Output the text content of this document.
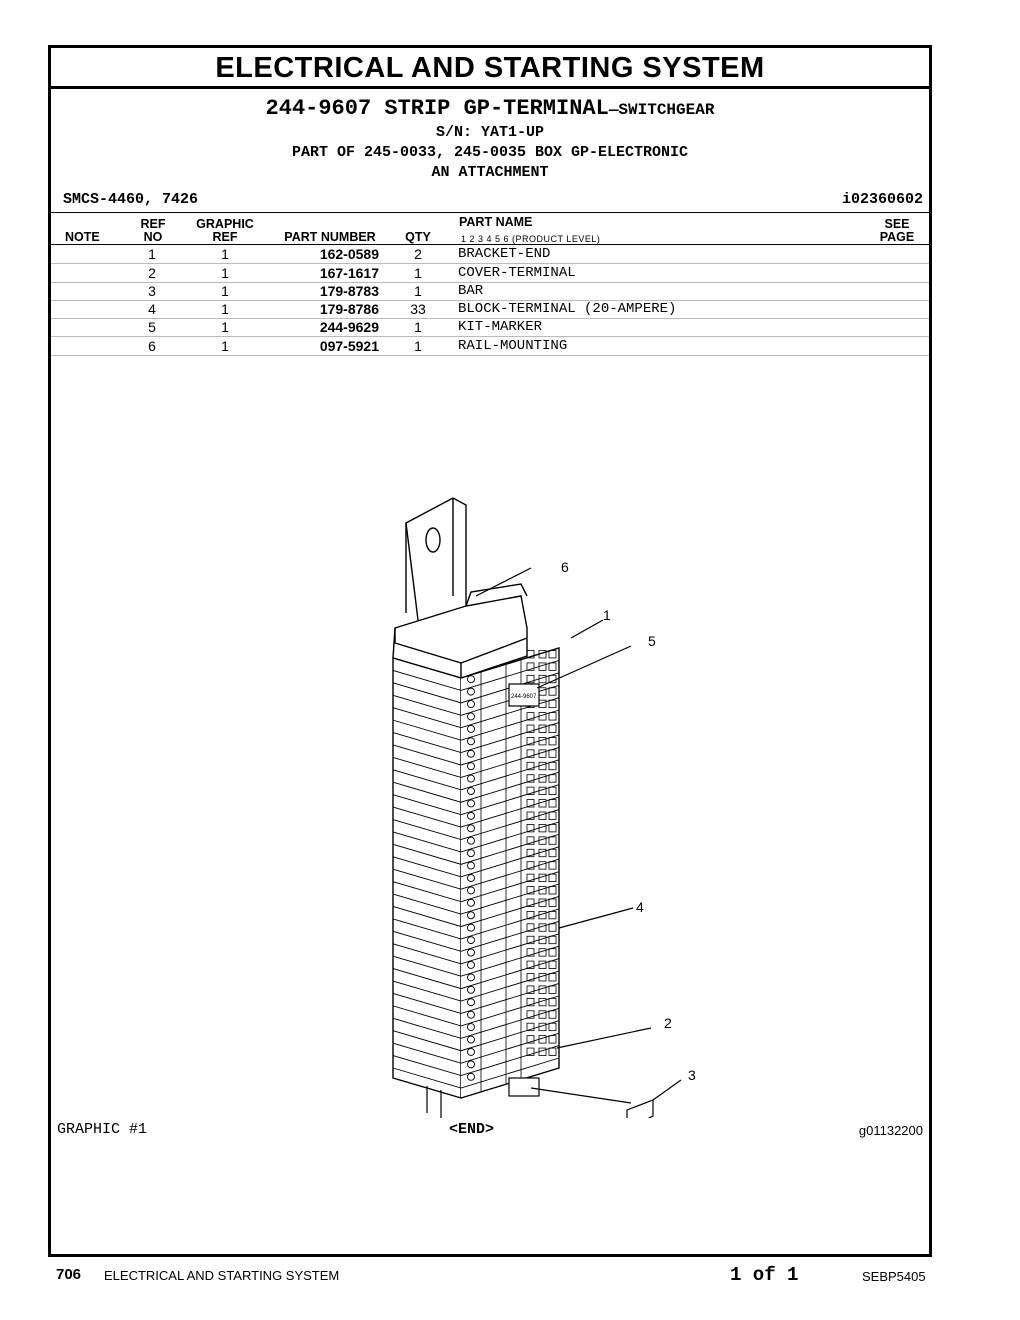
ELECTRICAL AND STARTING SYSTEM
244-9607 STRIP GP-TERMINAL—SWITCHGEAR
S/N: YAT1-UP
PART OF 245-0033, 245-0035 BOX GP-ELECTRONIC
AN ATTACHMENT
SMCS-4460, 7426	i02360602
NOTE
REF
NO
GRAPHIC
REF	PART NUMBER	QTY
PART NAME
1 2 3 4 5 6 (PRODUCT LEVEL)
SEE
PAGE
1	1	162-0589	2	BRACKET-END
2	1	167-1617	1	COVER-TERMINAL
3	1	179-8783	1	BAR
4	1	179-8786	33	BLOCK-TERMINAL (20-AMPERE)
5	1	244-9629	1	KIT-MARKER
6	1	097-5921	1	RAIL-MOUNTING
6
1
5
4
2
3
244-9607
GRAPHIC #1	<END>	g01132200
706 ELECTRICAL AND STARTING SYSTEM	1 of 1	SEBP5405
